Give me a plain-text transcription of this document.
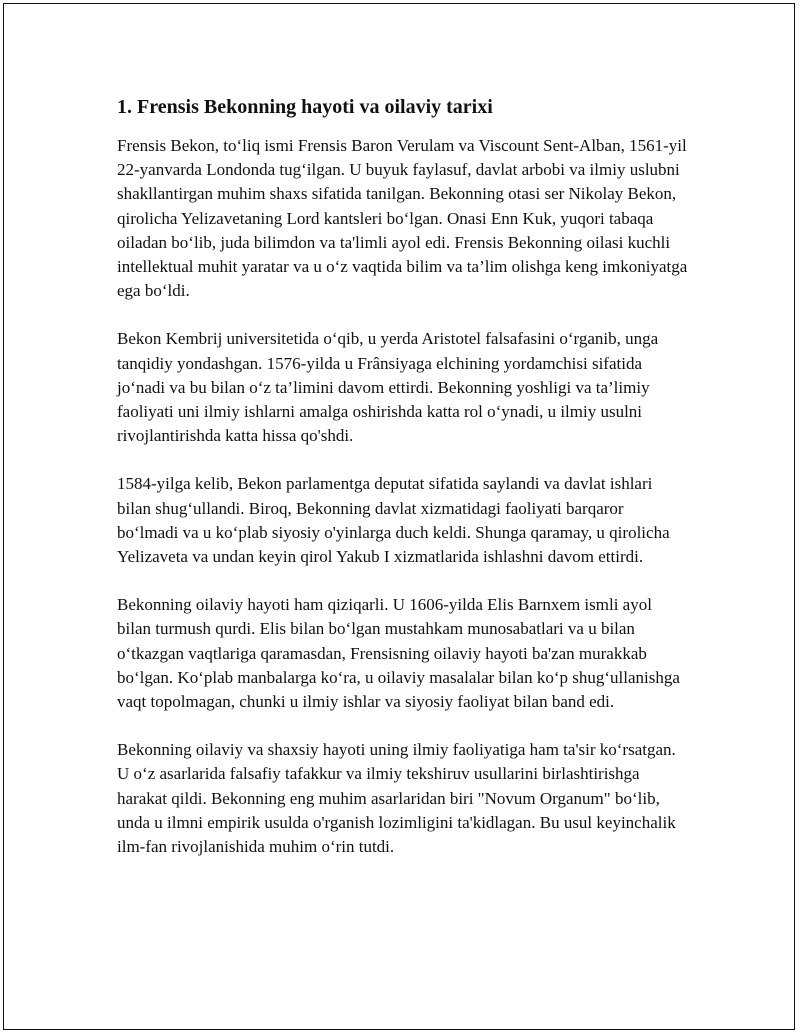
1. Frensis Bekonning hayoti va oilaviy tarixi

Frensis Bekon, to‘liq ismi Frensis Baron Verulam va Viscount Sent-Alban, 1561-yil 22-yanvarda Londonda tug‘ilgan. U buyuk faylasuf, davlat arbobi va ilmiy uslubni shakllantirgan muhim shaxs sifatida tanilgan. Bekonning otasi ser Nikolay Bekon, qirolicha Yelizavetaning Lord kantsleri bo‘lgan. Onasi Enn Kuk, yuqori tabaqa oiladan bo‘lib, juda bilimdon va ta'limli ayol edi. Frensis Bekonning oilasi kuchli intellektual muhit yaratar va u o‘z vaqtida bilim va ta’lim olishga keng imkoniyatga ega bo‘ldi.

Bekon Kembrij universitetida o‘qib, u yerda Aristotel falsafasini o‘rganib, unga tanqidiy yondashgan. 1576-yilda u Frânsiyaga elchining yordamchisi sifatida jo‘nadi va bu bilan o‘z ta’limini davom ettirdi. Bekonning yoshligi va ta’limiy faoliyati uni ilmiy ishlarni amalga oshirishda katta rol o‘ynadi, u ilmiy usulni rivojlantirishda katta hissa qo'shdi.

1584-yilga kelib, Bekon parlamentga deputat sifatida saylandi va davlat ishlari bilan shug‘ullandi. Biroq, Bekonning davlat xizmatidagi faoliyati barqaror bo‘lmadi va u ko‘plab siyosiy o'yinlarga duch keldi. Shunga qaramay, u qirolicha Yelizaveta va undan keyin qirol Yakub I xizmatlarida ishlashni davom ettirdi.

Bekonning oilaviy hayoti ham qiziqarli. U 1606-yilda Elis Barnxem ismli ayol bilan turmush qurdi. Elis bilan bo‘lgan mustahkam munosabatlari va u bilan o‘tkazgan vaqtlariga qaramasdan, Frensisning oilaviy hayoti ba'zan murakkab bo‘lgan. Ko‘plab manbalarga ko‘ra, u oilaviy masalalar bilan ko‘p shug‘ullanishga vaqt topolmagan, chunki u ilmiy ishlar va siyosiy faoliyat bilan band edi.

Bekonning oilaviy va shaxsiy hayoti uning ilmiy faoliyatiga ham ta'sir ko‘rsatgan. U o‘z asarlarida falsafiy tafakkur va ilmiy tekshiruv usullarini birlashtirishga harakat qildi. Bekonning eng muhim asarlaridan biri "Novum Organum" bo‘lib, unda u ilmni empirik usulda o'rganish lozimligini ta'kidlagan. Bu usul keyinchalik ilm-fan rivojlanishida muhim o‘rin tutdi.
